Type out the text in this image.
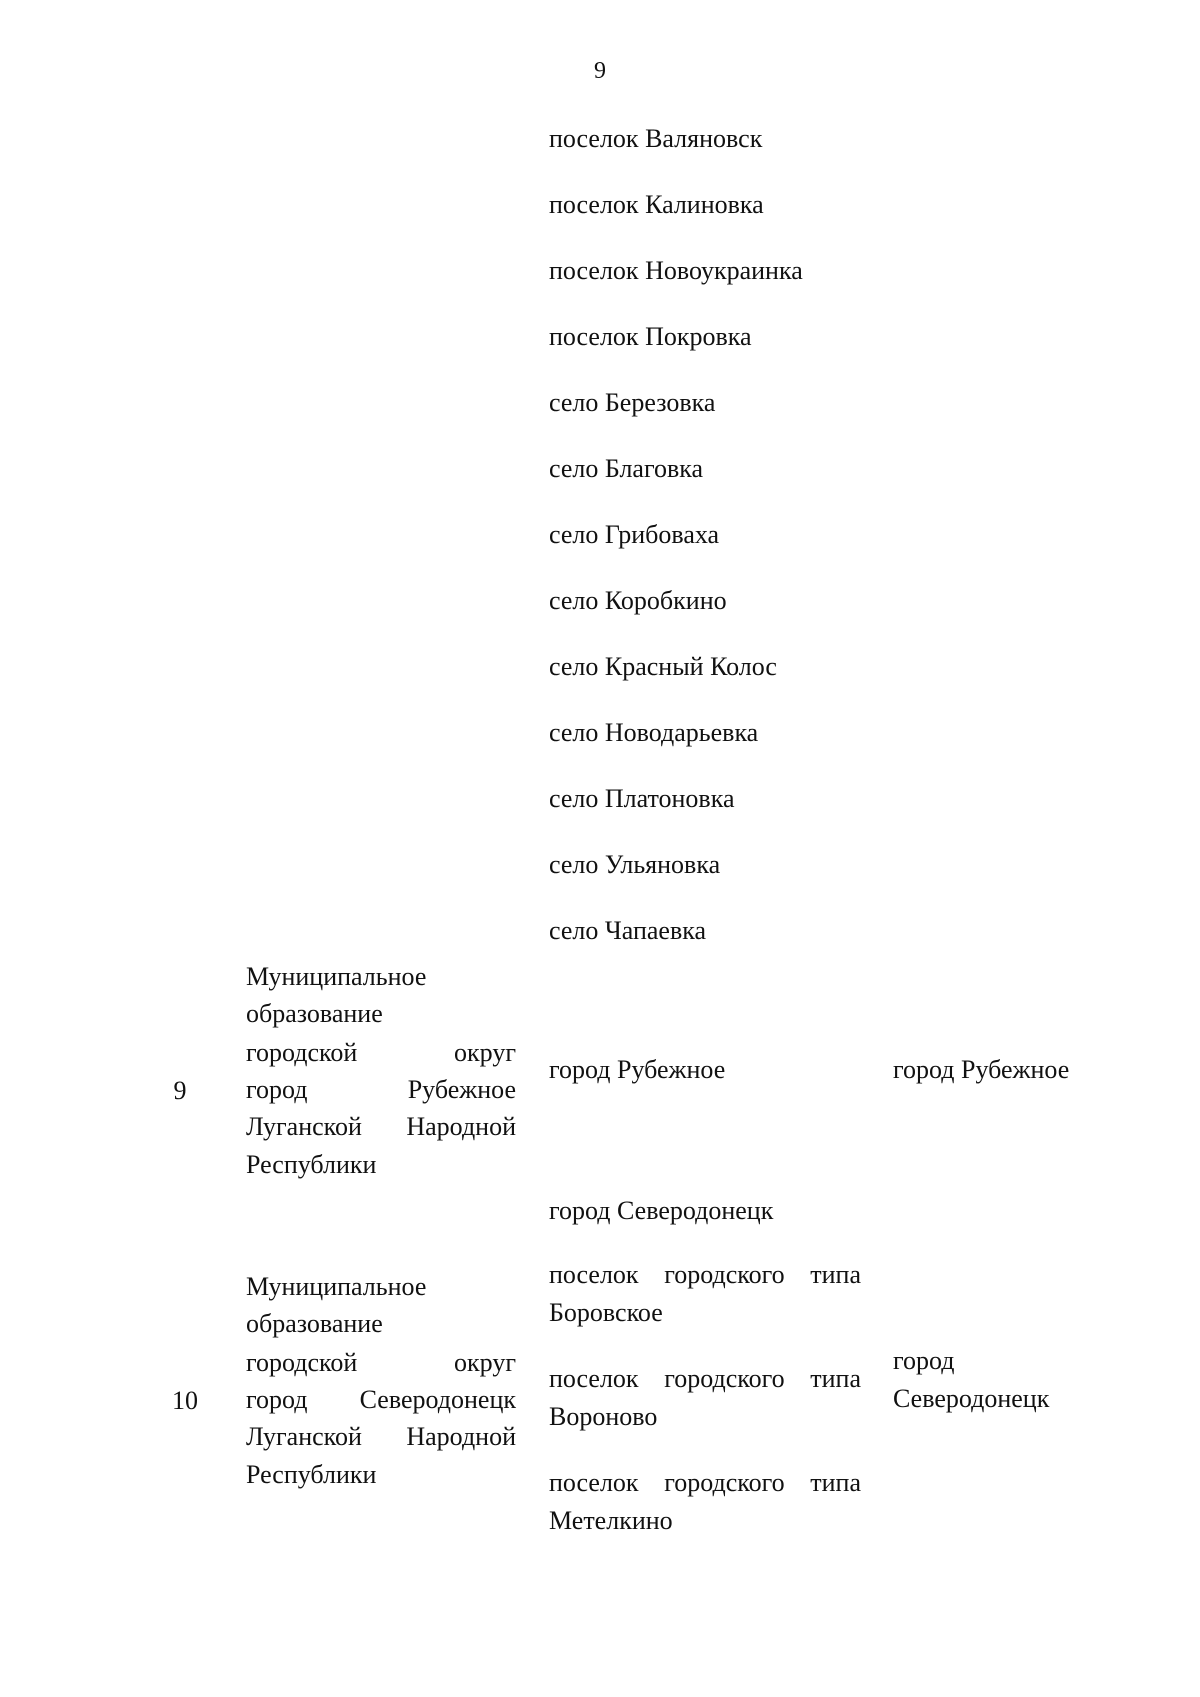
9
поселок Валяновск
поселок Калиновка
поселок Новоукраинка
поселок Покровка
село Березовка
село Благовка
село Грибоваха
село Коробкино
село Красный Колос
село Новодарьевка
село Платоновка
село Ульяновка
село Чапаевка
9
Муниципальное
образование
городской округ
город Рубежное
Луганской Народной
Республики
город Рубежное	город Рубежное
10
Муниципальное
образование
городской округ
город Северодонецк
Луганской Народной
Республики
город Северодонецк
поселок городского типа Боровское
поселок городского типа Вороново
поселок городского типа Метелкино
город Северодонецк
